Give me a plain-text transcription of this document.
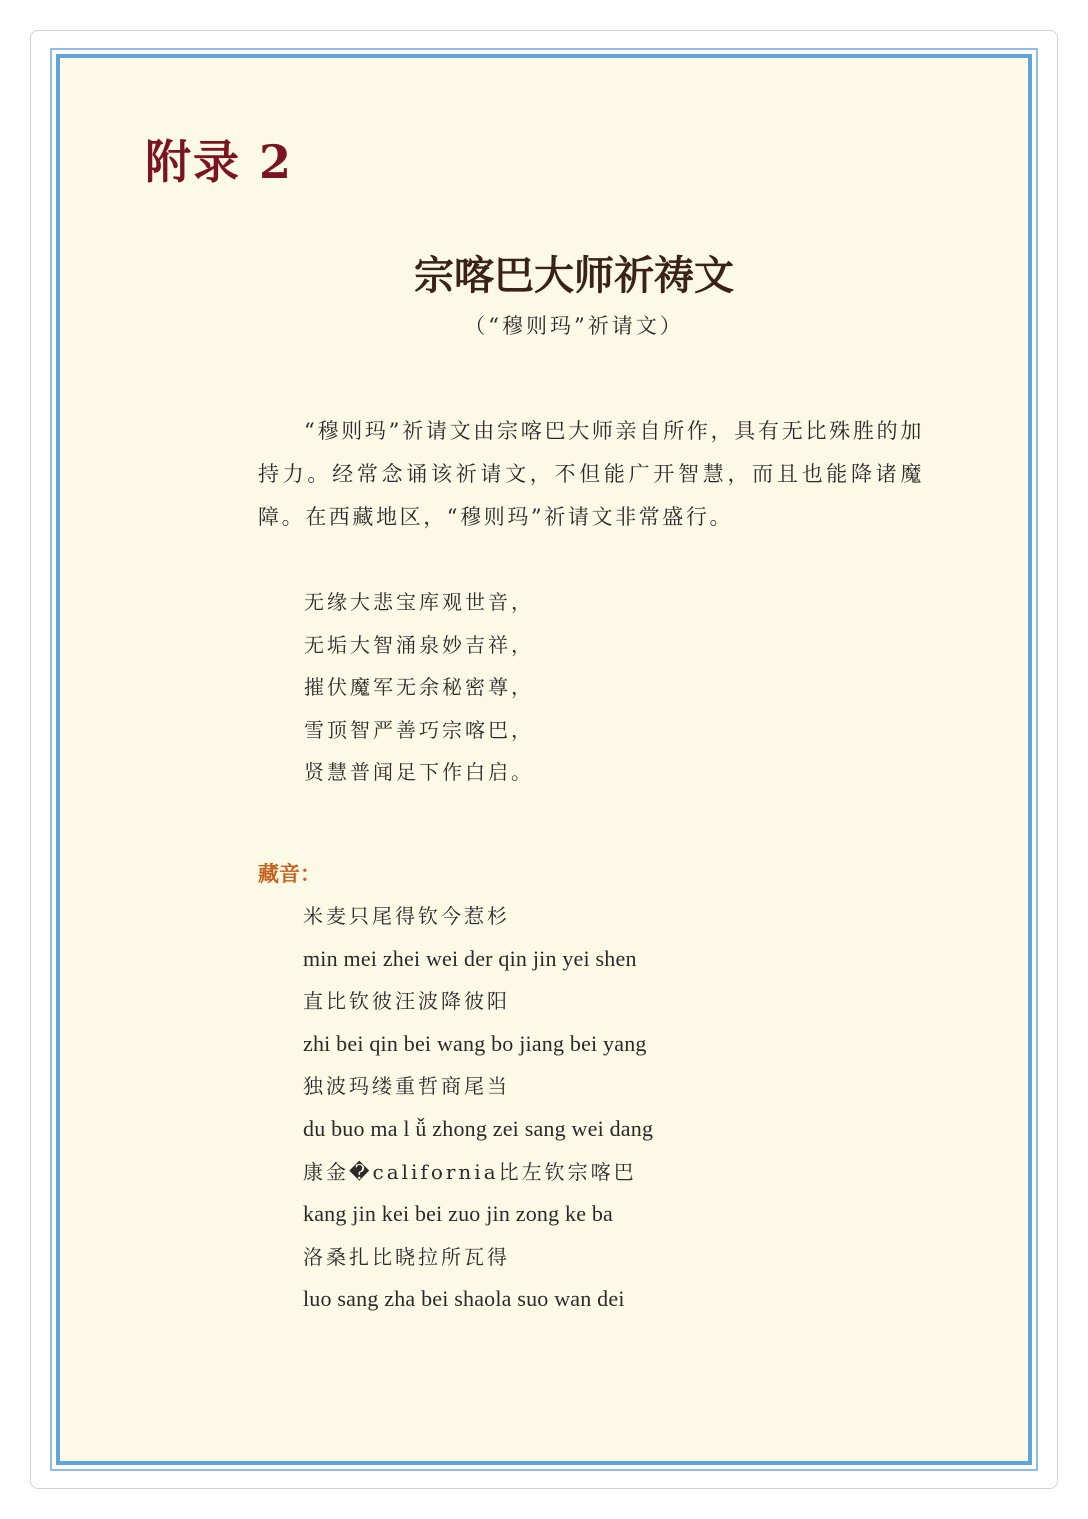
附录 2
宗喀巴大师祈祷文
（“穆则玛”祈请文）

“穆则玛”祈请文由宗喀巴大师亲自所作，具有无比殊胜的加持力。经常念诵该祈请文，不但能广开智慧，而且也能降诸魔障。在西藏地区，“穆则玛”祈请文非常盛行。

无缘大悲宝库观世音，
无垢大智涌泉妙吉祥，
摧伏魔军无余秘密尊，
雪顶智严善巧宗喀巴，
贤慧普闻足下作白启。
藏音：
米麦只尾得钦今惹杉
min mei zhei wei der qin jin yei shen
直比钦彼汪波降彼阳
zhi bei qin bei wang bo jiang bei yang
独波玛缕重哲商尾当
du buo ma l ǚ zhong zei sang wei dang
康金�california比左钦宗喀巴
kang jin kei bei zuo jin zong ke ba
洛桑扎比晓拉所瓦得
luo sang zha bei shaola suo wan dei
